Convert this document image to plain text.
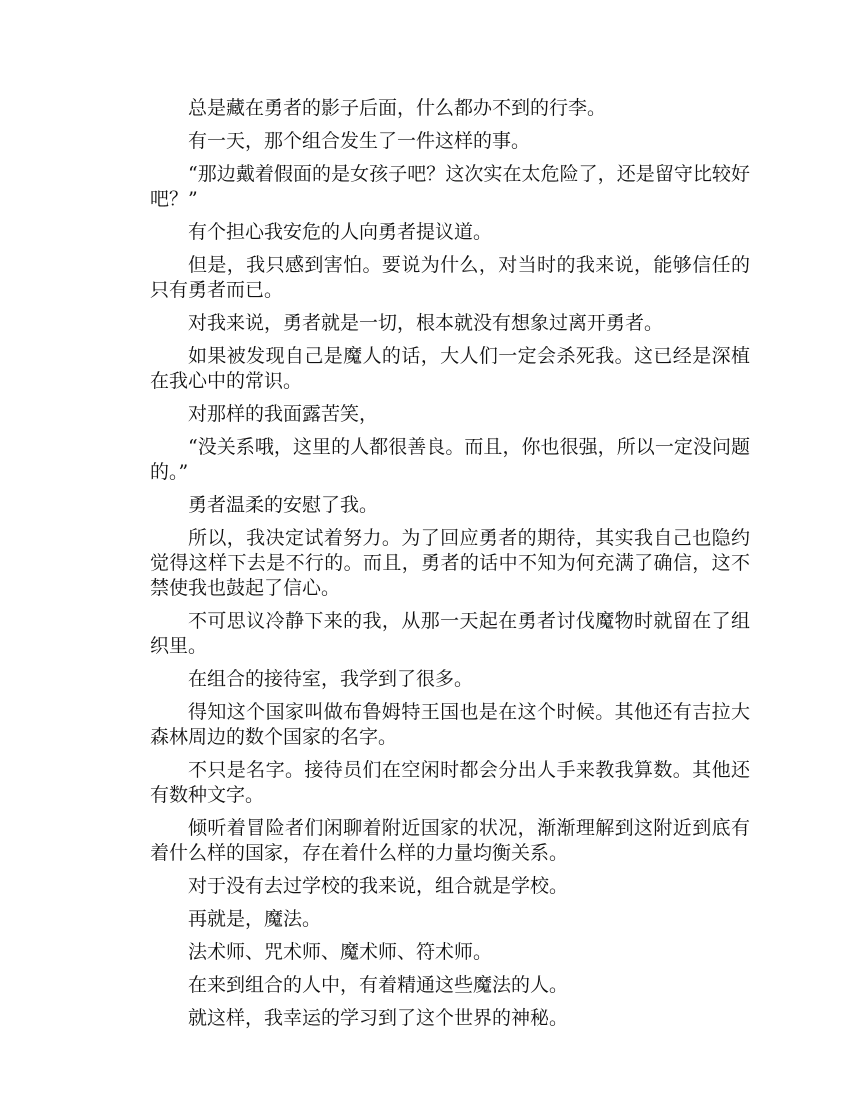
总是藏在勇者的影子后面，什么都办不到的行李。

有一天，那个组合发生了一件这样的事。

“那边戴着假面的是女孩子吧？这次实在太危险了，还是留守比较好吧？”

有个担心我安危的人向勇者提议道。

但是，我只感到害怕。要说为什么，对当时的我来说，能够信任的只有勇者而已。

对我来说，勇者就是一切，根本就没有想象过离开勇者。

如果被发现自己是魔人的话，大人们一定会杀死我。这已经是深植在我心中的常识。

对那样的我面露苦笑，

“没关系哦，这里的人都很善良。而且，你也很强，所以一定没问题的。”

勇者温柔的安慰了我。

所以，我决定试着努力。为了回应勇者的期待，其实我自己也隐约觉得这样下去是不行的。而且，勇者的话中不知为何充满了确信，这不禁使我也鼓起了信心。

不可思议冷静下来的我，从那一天起在勇者讨伐魔物时就留在了组织里。

在组合的接待室，我学到了很多。

得知这个国家叫做布鲁姆特王国也是在这个时候。其他还有吉拉大森林周边的数个国家的名字。

不只是名字。接待员们在空闲时都会分出人手来教我算数。其他还有数种文字。

倾听着冒险者们闲聊着附近国家的状况，渐渐理解到这附近到底有着什么样的国家，存在着什么样的力量均衡关系。

对于没有去过学校的我来说，组合就是学校。

再就是，魔法。

法术师、咒术师、魔术师、符术师。

在来到组合的人中，有着精通这些魔法的人。

就这样，我幸运的学习到了这个世界的神秘。
